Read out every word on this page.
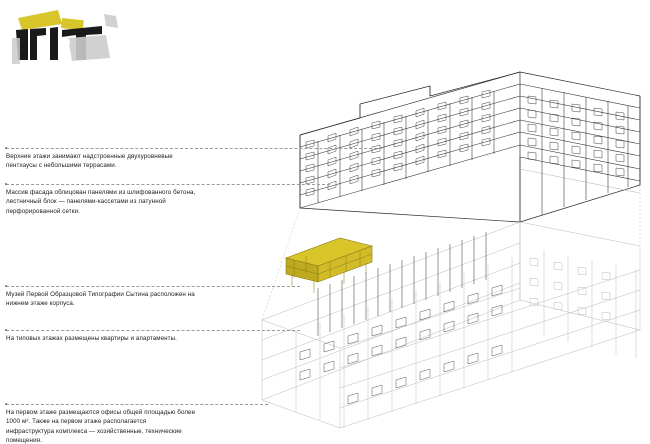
Верхние этажи занимают надстроенные двухуровневые пентхаусы с небольшими террасами.

Массив фасада облицован панелями из шлифованного бетона, лестничный блок — панелями-кассетами из латунной перфорированной сетки.

Музей Первой Образцовой Типографии Сытина расположен на нижнем этаже корпуса.

На типовых этажах размещены квартиры и апартаменты.

На первом этаже размещаются офисы общей площадью более 1000 м². Также на первом этаже располагается инфраструктура комплекса — хозяйственные, технические помещения.
